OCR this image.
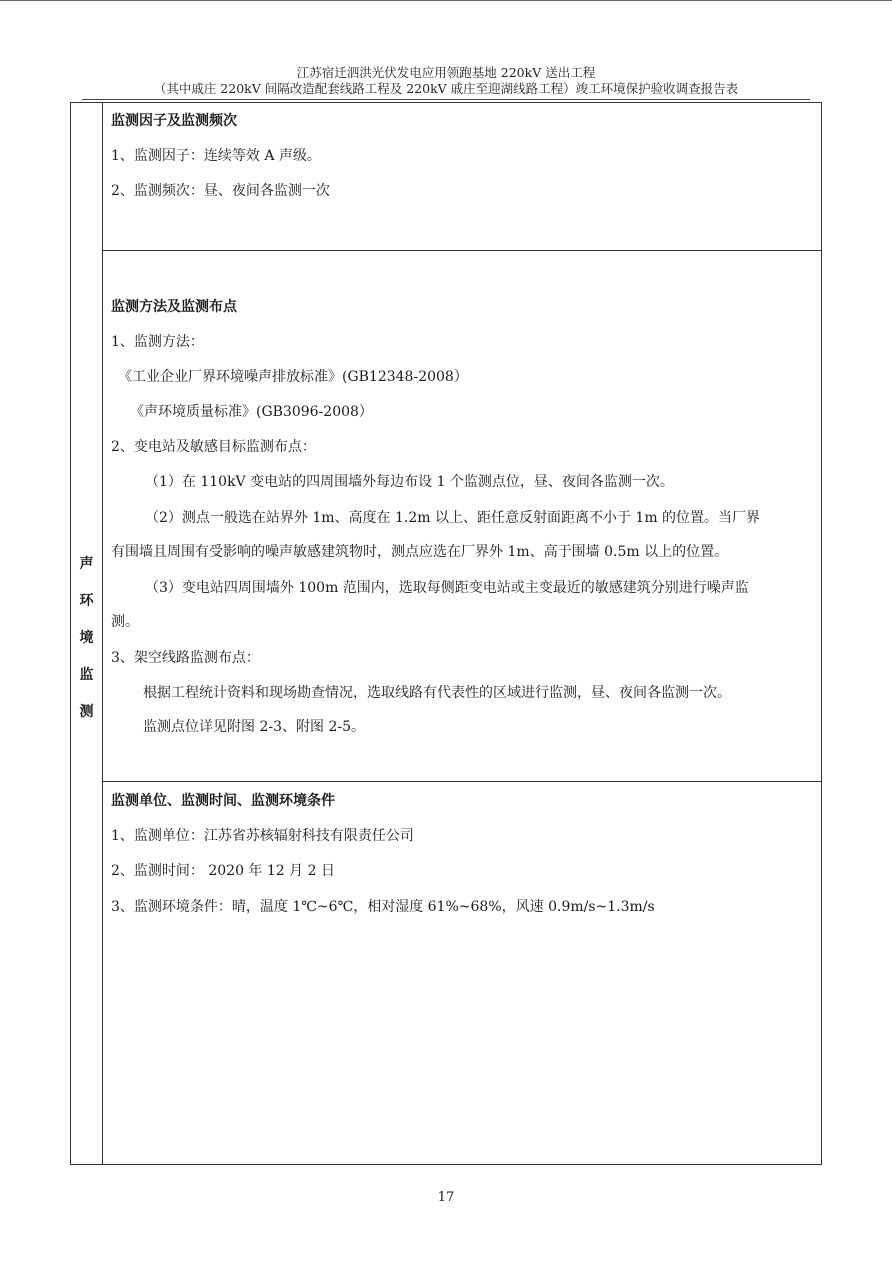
江苏宿迁泗洪光伏发电应用领跑基地 220kV 送出工程
（其中戚庄 220kV 间隔改造配套线路工程及 220kV 戚庄至迎湖线路工程）竣工环境保护验收调查报告表
声
环
境
监
测
监测因子及监测频次
1、监测因子：连续等效 A 声级。
2、监测频次：昼、夜间各监测一次
监测方法及监测布点
1、监测方法：
《工业企业厂界环境噪声排放标准》(GB12348-2008）
《声环境质量标准》(GB3096-2008）
2、变电站及敏感目标监测布点：
（1）在 110kV 变电站的四周围墙外每边布设 1 个监测点位，昼、夜间各监测一次。
（2）测点一般选在站界外 1m、高度在 1.2m 以上、距任意反射面距离不小于 1m 的位置。当厂界
有围墙且周围有受影响的噪声敏感建筑物时，测点应选在厂界外 1m、高于围墙 0.5m 以上的位置。
（3）变电站四周围墙外 100m 范围内，选取每侧距变电站或主变最近的敏感建筑分别进行噪声监
测。
3、架空线路监测布点：
根据工程统计资料和现场勘查情况，选取线路有代表性的区域进行监测，昼、夜间各监测一次。
监测点位详见附图 2-3、附图 2-5。
监测单位、监测时间、监测环境条件
1、监测单位：江苏省苏核辐射科技有限责任公司
2、监测时间： 2020 年 12 月 2 日
3、监测环境条件：晴，温度 1℃~6℃，相对湿度 61%~68%，风速 0.9m/s~1.3m/s
17
